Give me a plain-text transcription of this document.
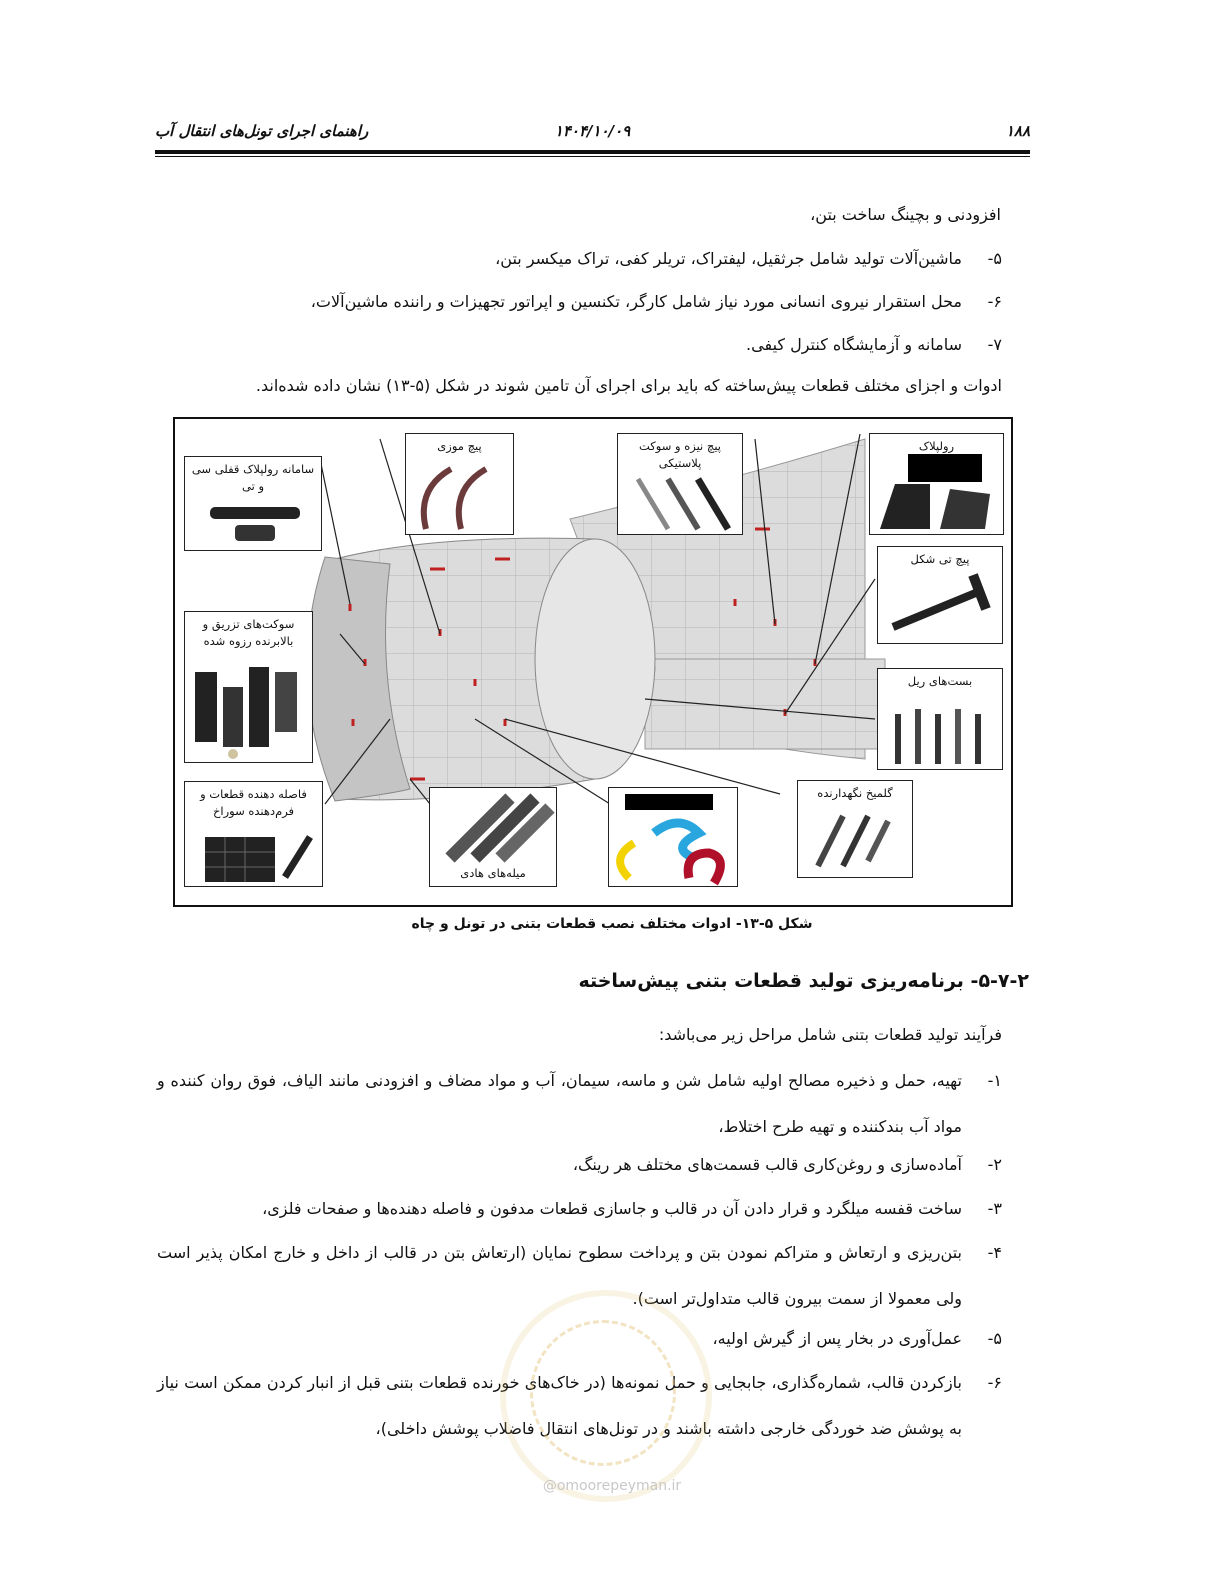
۱۸۸
۱۴۰۴/۱۰/۰۹
راهنمای اجرای تونل‌های انتقال آب
افزودنی و بچینگ ساخت بتن،
۵-
ماشین‌آلات تولید شامل جرثقیل، لیفتراک، تریلر کفی، تراک میکسر بتن،
۶-
محل استقرار نیروی انسانی مورد نیاز شامل کارگر، تکنسین و اپراتور تجهیزات و راننده ماشین‌آلات،
۷-
سامانه و آزمایشگاه کنترل کیفی.
ادوات و اجزای مختلف قطعات پیش‌ساخته که باید برای اجرای آن تامین شوند در شکل (۵-۱۳) نشان داده شده‌اند.
سامانه رولپلاک قفلی سی و تی
پیچ موزی	پیچ نیزه و سوکت پلاستیکی
رولپلاک
پیچ تی شکل
سوکت‌های تزریق و بالابرنده رزوه شده
بست‌های ریل
فاصله دهنده قطعات و فرم‌دهنده سوراخ
میله‌های هادی
گلمیخ نگهدارنده
شکل ۵-۱۳- ادوات مختلف نصب قطعات بتنی در تونل و چاه
۵-۷-۲- برنامه‌ریزی تولید قطعات بتنی پیش‌ساخته
فرآیند تولید قطعات بتنی شامل مراحل زیر می‌باشد:
۱-
تهیه، حمل و ذخیره مصالح اولیه شامل شن و ماسه، سیمان، آب و مواد مضاف و افزودنی مانند الیاف، فوق روان کننده و مواد آب بندکننده و تهیه طرح اختلاط،
۲-
آماده‌سازی و روغن‌کاری قالب قسمت‌های مختلف هر رینگ،
۳-
ساخت قفسه میلگرد و قرار دادن آن در قالب و جاسازی قطعات مدفون و فاصله دهنده‌ها و صفحات فلزی،
۴-
بتن‌ریزی و ارتعاش و متراکم نمودن بتن و پرداخت سطوح نمایان (ارتعاش بتن در قالب از داخل و خارج امکان پذیر است ولی معمولا از سمت بیرون قالب متداول‌تر است).
۵-
عمل‌آوری در بخار پس از گیرش اولیه،
۶-
بازکردن قالب، شماره‌گذاری، جابجایی و حمل نمونه‌ها (در خاک‌های خورنده قطعات بتنی قبل از انبار کردن ممکن است نیاز به پوشش ضد خوردگی خارجی داشته باشند و در تونل‌های انتقال فاضلاب پوشش داخلی)،
@omoorepeyman.ir
